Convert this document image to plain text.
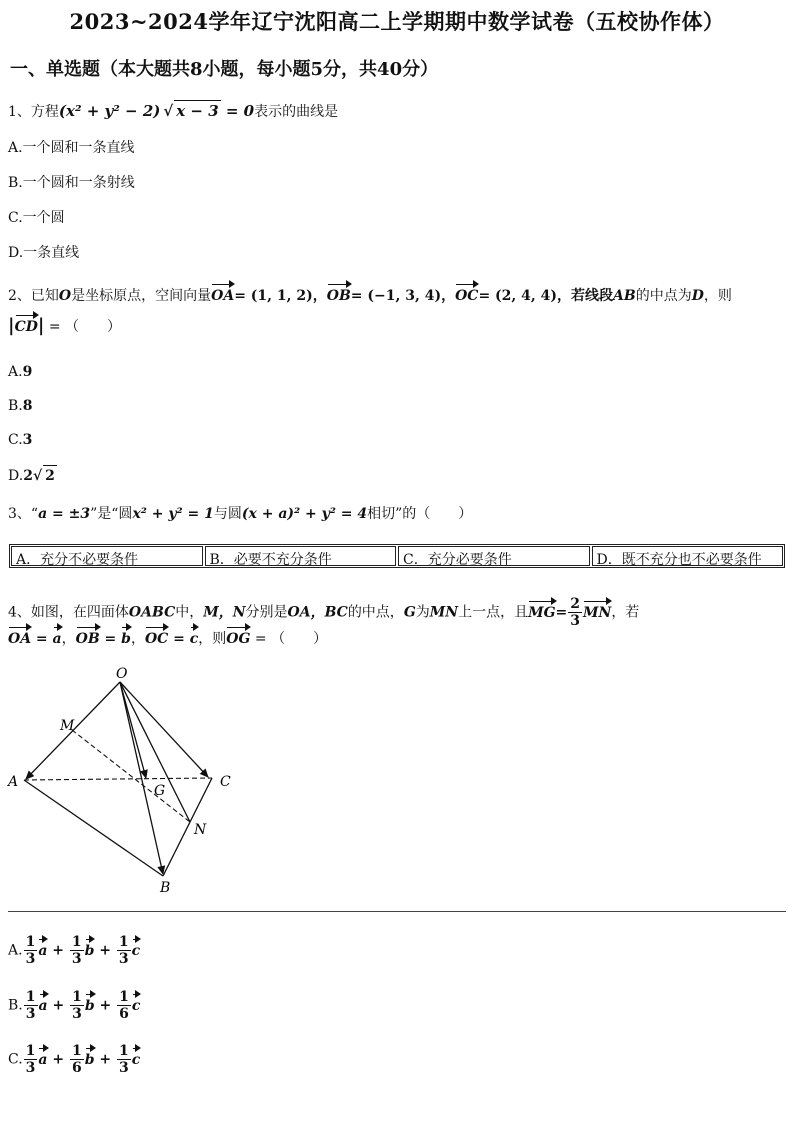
2023~2024学年辽宁沈阳高二上学期期中数学试卷（五校协作体）
一、单选题（本大题共8小题，每小题5分，共40分）
1、方程(x² + y² − 2) √ x − 3 = 0表示的曲线是
A.一个圆和一条直线
B.一个圆和一条射线
C.一个圆
D.一条直线
2、已知O是坐标原点，空间向量OA= (1, 1, 2)，OB= (−1, 3, 4)，OC= (2, 4, 4)，若线段AB的中点为D，则
|CD| = （　　）
A.9
B.8
C.3
D.2√ 2
3、“a = ±3”是“圆x² + y² = 1与圆(x + a)² + y² = 4相切”的（　　）
A．充分不必要条件	B．必要不充分条件	C．充分必要条件	D．既不充分也不必要条件
4、如图，在四面体OABC中，M，N分别是OA，BC的中点，G为MN上一点，且$MG= \frac{2}{3}$ MN，若
OA = a，OB = b，OC = c，则OG = （　　）
O
A	C
B
M
N
G
A. $\frac{1}{3}$ $a + \frac{1}{3}$ $b + \frac{1}{3}$ c
B. $\frac{1}{3}$ $a + \frac{1}{3}$ $b + \frac{1}{6}$ c
C. $\frac{1}{3}$ $a + \frac{1}{6}$ $b + \frac{1}{3}$ c
